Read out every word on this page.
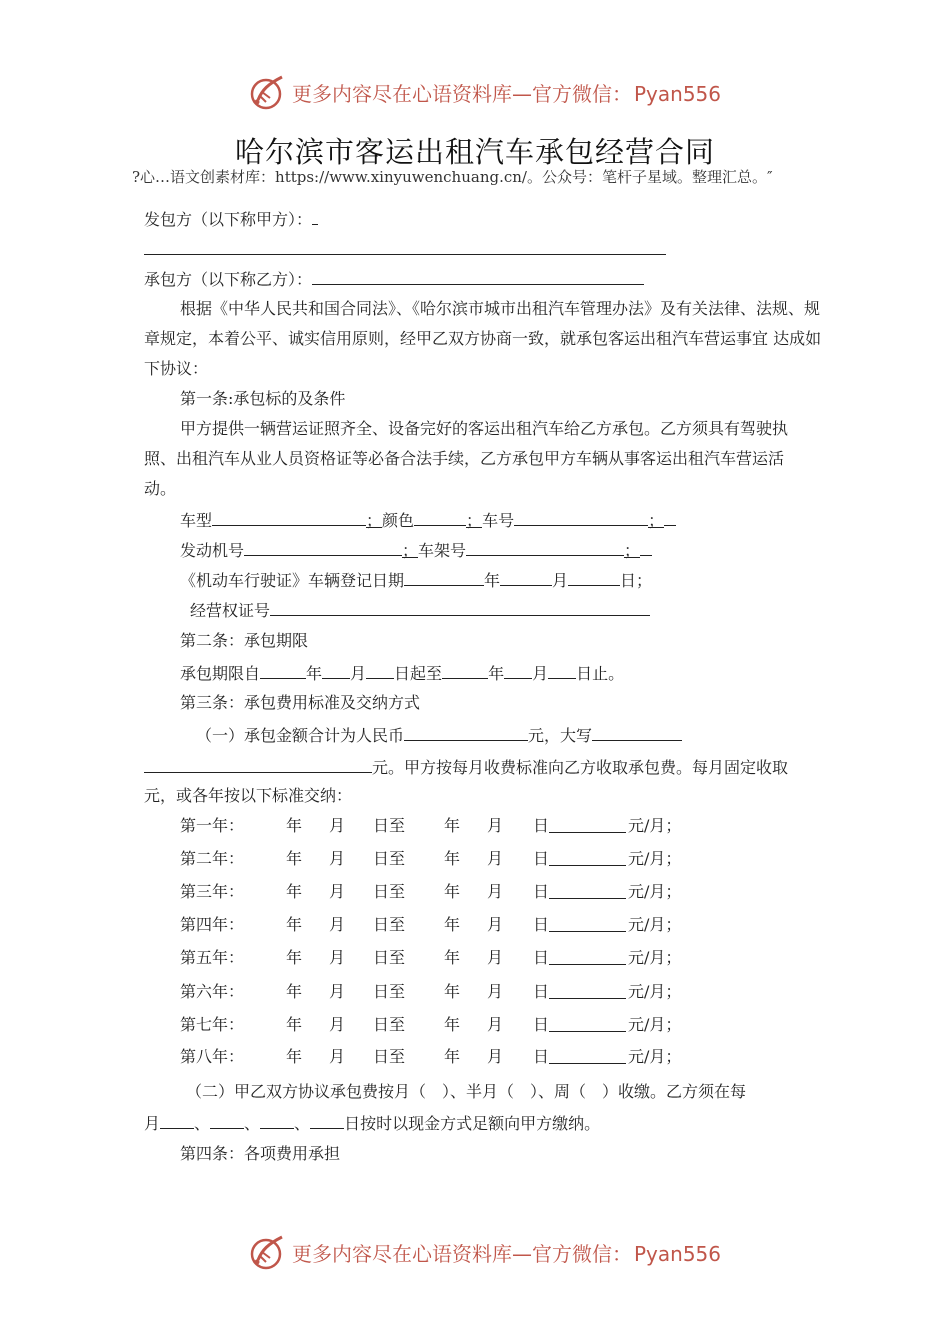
更多内容尽在心语资料库—官方微信： Pyan556
哈尔滨市客运出租汽车承包经营合同
?心…语文创素材库：https://www.xinyuwenchuang.cn/。公众号：笔杆子星域。整理汇总。″
发包方（以下称甲方）：
承包方（以下称乙方）：
根据《中华人民共和国合同法》、《哈尔滨市城市出租汽车管理办法》及有关法律、法规、规
章规定，本着公平、诚实信用原则，经甲乙双方协商一致，就承包客运出租汽车营运事宜 达成如
下协议：
第一条:承包标的及条件
甲方提供一辆营运证照齐全、设备完好的客运出租汽车给乙方承包。乙方须具有驾驶执
照、出租汽车从业人员资格证等必备合法手续，乙方承包甲方车辆从事客运出租汽车营运活
动。
车型	；颜色	；车号	；
发动机号	；车架号	；
《机动车行驶证》车辆登记日期	年	月	日；
经营权证号
第二条：承包期限
承包期限自	年 月 日起至	年 月 日止。
第三条：承包费用标准及交纳方式
（一）承包金额合计为人民币	元，大写
元。甲方按每月收费标准向乙方收取承包费。每月固定收取
元，或各年按以下标准交纳：
第一年：	年 月 日至 年 月 日	元/月；
第二年：	年 月 日至 年 月 日	元/月；
第三年：	年 月 日至 年 月 日	元/月；
第四年：	年 月 日至 年 月 日	元/月；
第五年：	年 月 日至 年 月 日	元/月；
第六年：	年 月 日至 年 月 日	元/月；
第七年：	年 月 日至 年 月 日	元/月；
第八年：	年 月 日至 年 月 日	元/月；
（二）甲乙双方协议承包费按月（　）、半月（　）、周（　）收缴。乙方须在每
月 、 、 、 日按时以现金方式足额向甲方缴纳。
第四条：各项费用承担
更多内容尽在心语资料库—官方微信： Pyan556
